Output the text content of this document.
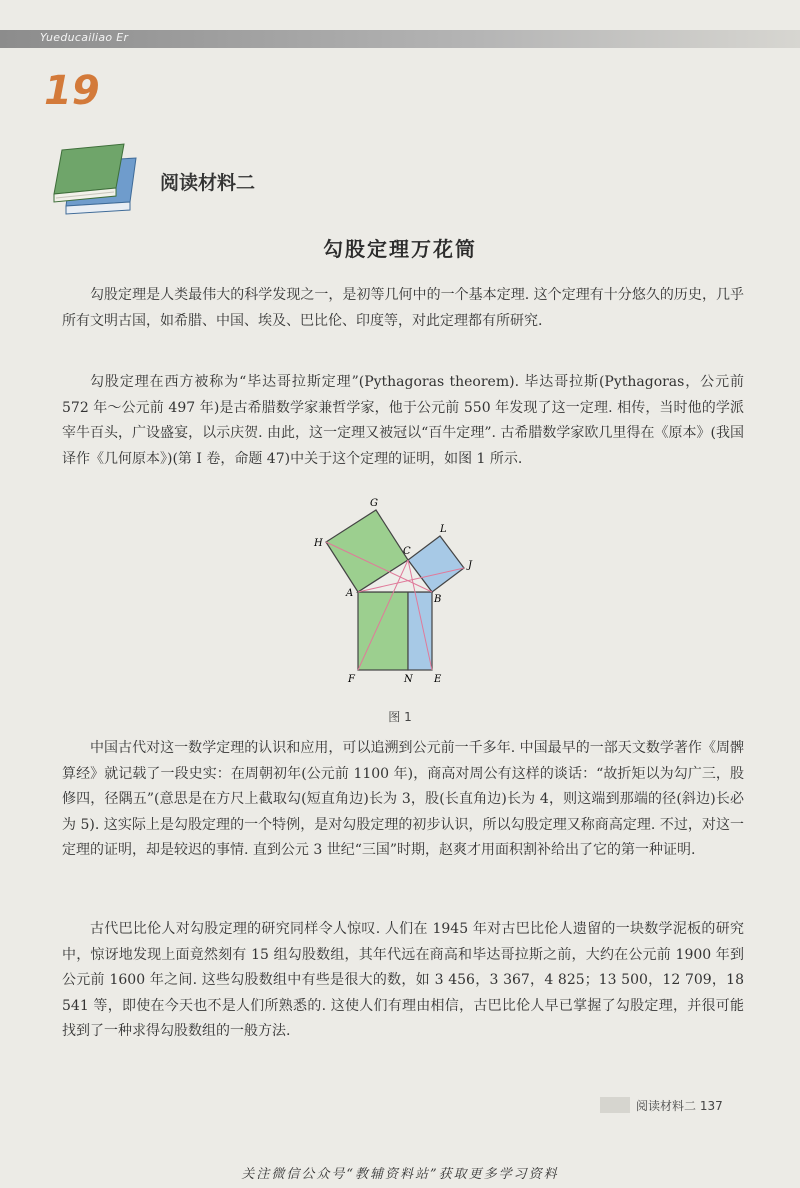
Yueducailiao Er
19
阅读材料二
勾股定理万花筒

勾股定理是人类最伟大的科学发现之一，是初等几何中的一个基本定理. 这个定理有十分悠久的历史，几乎所有文明古国，如希腊、中国、埃及、巴比伦、印度等，对此定理都有所研究.

勾股定理在西方被称为“毕达哥拉斯定理”(Pythagoras theorem). 毕达哥拉斯(Pythagoras，公元前 572 年～公元前 497 年)是古希腊数学家兼哲学家，他于公元前 550 年发现了这一定理. 相传，当时他的学派宰牛百头，广设盛宴，以示庆贺. 由此，这一定理又被冠以“百牛定理”. 古希腊数学家欧几里得在《原本》(我国译作《几何原本》)(第 Ⅰ 卷，命题 47)中关于这个定理的证明，如图 1 所示.

G
H
C
L
J
A
B
F	N E
图 1

中国古代对这一数学定理的认识和应用，可以追溯到公元前一千多年. 中国最早的一部天文数学著作《周髀算经》就记载了一段史实：在周朝初年(公元前 1100 年)，商高对周公有这样的谈话：“故折矩以为勾广三，股修四，径隅五”(意思是在方尺上截取勾(短直角边)长为 3，股(长直角边)长为 4，则这端到那端的径(斜边)长必为 5). 这实际上是勾股定理的一个特例，是对勾股定理的初步认识，所以勾股定理又称商高定理. 不过，对这一定理的证明，却是较迟的事情. 直到公元 3 世纪“三国”时期，赵爽才用面积割补给出了它的第一种证明.

古代巴比伦人对勾股定理的研究同样令人惊叹. 人们在 1945 年对古巴比伦人遗留的一块数学泥板的研究中，惊讶地发现上面竟然刻有 15 组勾股数组，其年代远在商高和毕达哥拉斯之前，大约在公元前 1900 年到公元前 1600 年之间. 这些勾股数组中有些是很大的数，如 3 456，3 367，4 825；13 500，12 709，18 541 等，即使在今天也不是人们所熟悉的. 这使人们有理由相信，古巴比伦人早已掌握了勾股定理，并很可能找到了一种求得勾股数组的一般方法.

阅读材料二 137
关注微信公众号“教辅资料站”获取更多学习资料
